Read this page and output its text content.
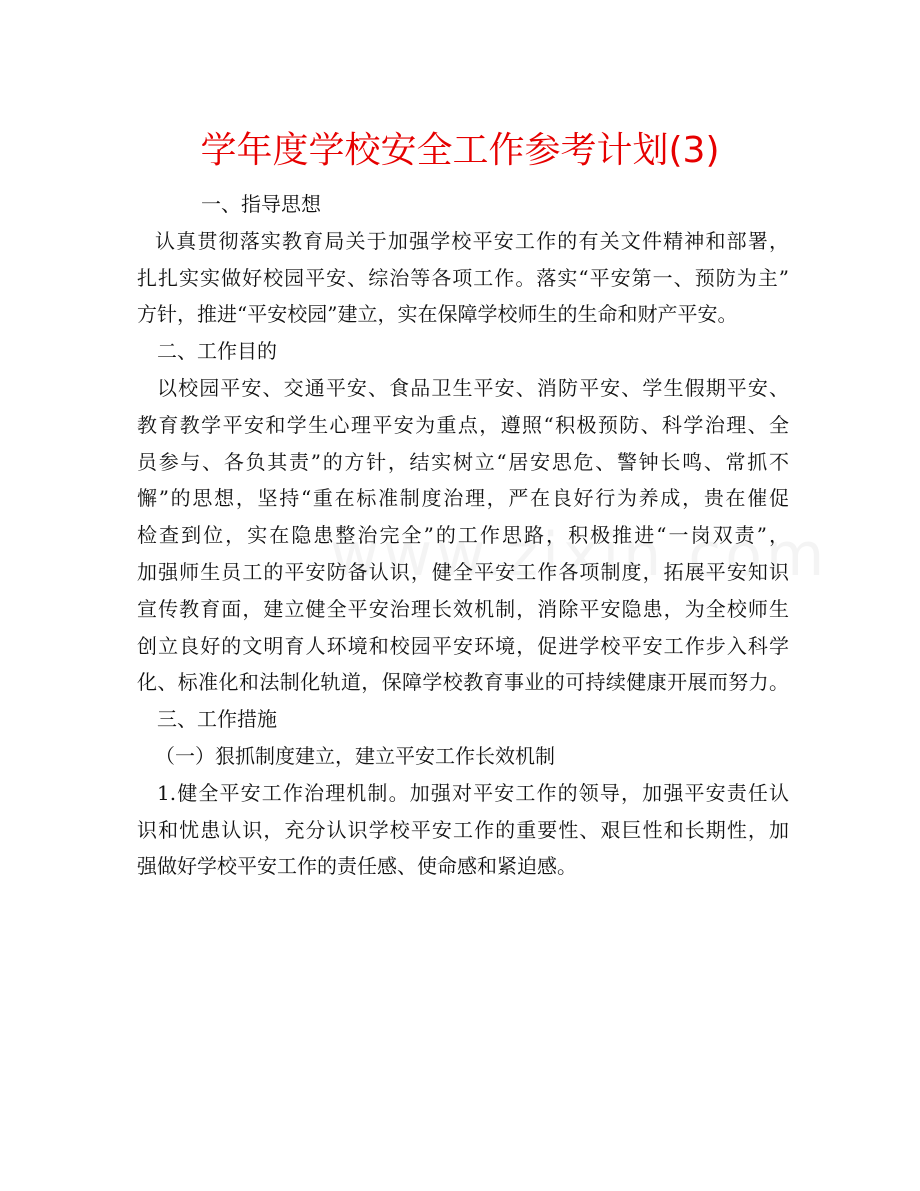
学年度学校安全工作参考计划(3)
一、指导思想
认真贯彻落实教育局关于加强学校平安工作的有关文件精神和部署，
扎扎实实做好校园平安、综治等各项工作。落实“平安第一、预防为主”
方针，推进“平安校园”建立，实在保障学校师生的生命和财产平安。
二、工作目的
以校园平安、交通平安、食品卫生平安、消防平安、学生假期平安、
教育教学平安和学生心理平安为重点，遵照“积极预防、科学治理、全
员参与、各负其责”的方针，结实树立“居安思危、警钟长鸣、常抓不
懈”的思想，坚持“重在标准制度治理，严在良好行为养成，贵在催促
检查到位，实在隐患整治完全”的工作思路，积极推进“一岗双责”，
加强师生员工的平安防备认识，健全平安工作各项制度，拓展平安知识
宣传教育面，建立健全平安治理长效机制，消除平安隐患，为全校师生
创立良好的文明育人环境和校园平安环境，促进学校平安工作步入科学
化、标准化和法制化轨道，保障学校教育事业的可持续健康开展而努力。
三、工作措施
（一）狠抓制度建立，建立平安工作长效机制
1.健全平安工作治理机制。加强对平安工作的领导，加强平安责任认
识和忧患认识，充分认识学校平安工作的重要性、艰巨性和长期性，加
强做好学校平安工作的责任感、使命感和紧迫感。
